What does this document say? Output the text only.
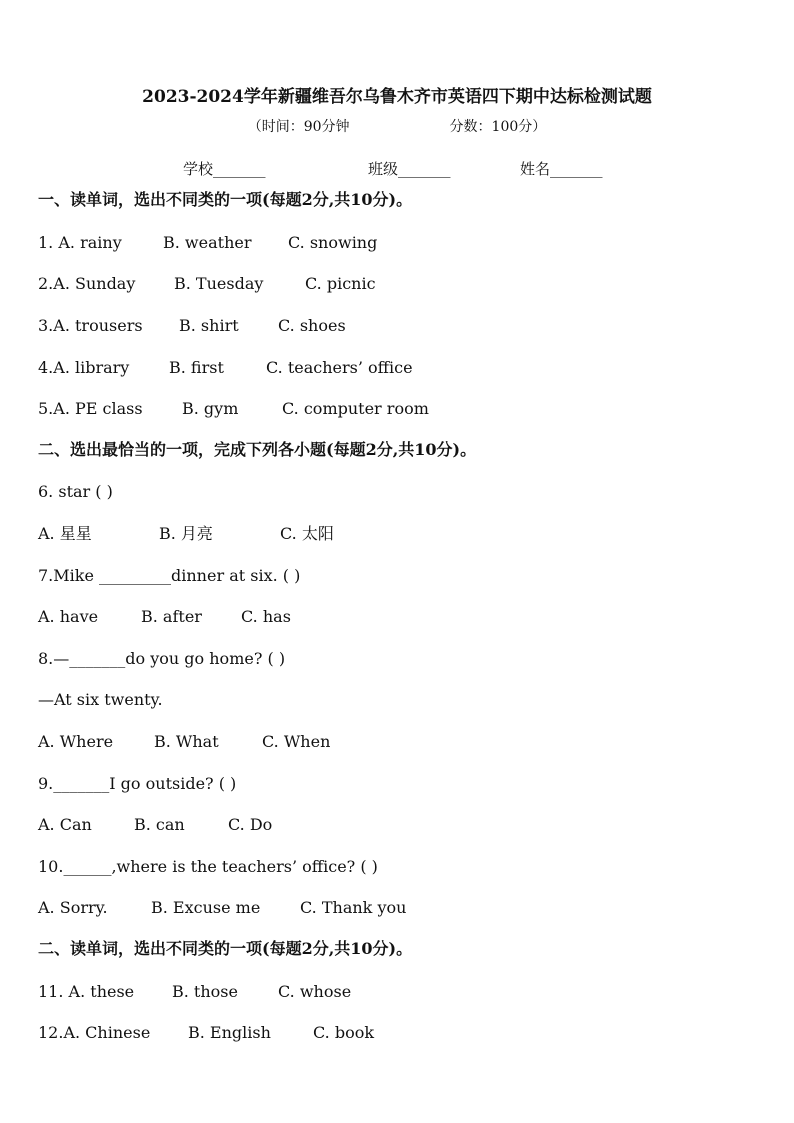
2023-2024学年新疆维吾尔乌鲁木齐市英语四下期中达标检测试题
（时间：90分钟	分数：100分）
学校_______	班级_______	姓名_______
一、读单词，选出不同类的一项(每题2分,共10分)。
1. A. rainy	B. weather C. snowing
2.A. Sunday B. Tuesday	C. picnic
3.A. trousers B. shirt C. shoes
4.A. library B. first	C. teachers’ office
5.A. PE class B. gym	C. computer room
二、选出最恰当的一项，完成下列各小题(每题2分,共10分)。
6. star ( )
A. 星星	B. 月亮	C. 太阳
7.Mike _________dinner at six. ( )
A. have	B. after C. has
8.—_______do you go home? ( )
—At six twenty.
A. Where	B. What	C. When
9._______I go outside? ( )
A. Can	B. can	C. Do
10.______,where is the teachers’ office? ( )
A. Sorry.	B. Excuse me C. Thank you
二、读单词，选出不同类的一项(每题2分,共10分)。
11. A. these B. those	C. whose
12.A. Chinese B. English	C. book
